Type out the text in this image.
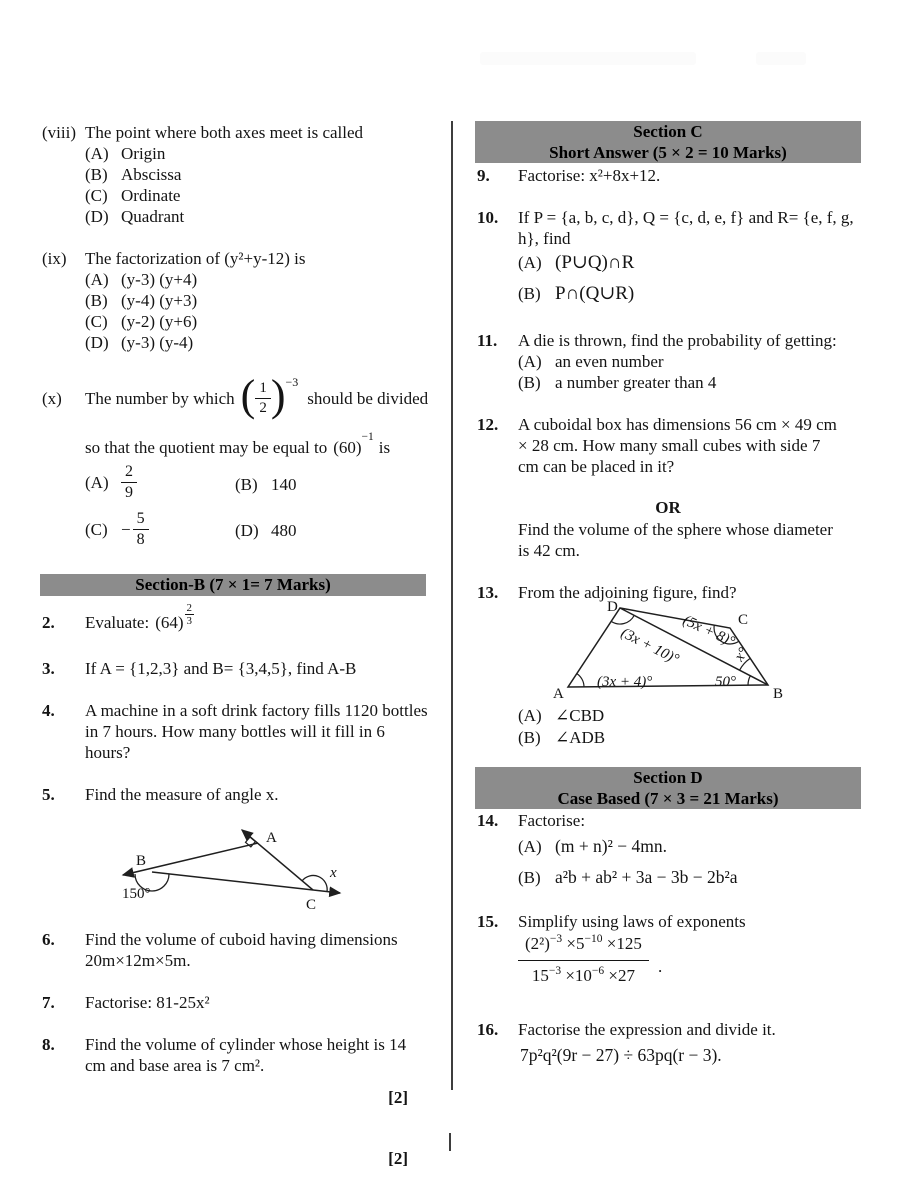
(viii) The point where both axes meet is called
(A) Origin
(B) Abscissa
(C) Ordinate
(D) Quadrant
(ix)	The factorization of (y²+y-12) is
(A) (y-3) (y+4)
(B) (y-4) (y+3)
(C) (y-2) (y+6)
(D) (y-3) (y-4)
(x)	The number by which ( $\frac{1}{2}$ ) −3
should be divided
so that the quotient may be equal to (60)
−1
is
$(A) \frac{2}{9}$	(B) 140
$(C) - \frac{5}{8}$	(D) 480
Section-B (7 × 1= 7 Marks)
2.	Evaluate: (64)
2
3
3.	If A = {1,2,3} and B= {3,4,5}, find A-B
4.	A machine in a soft drink factory fills 1120 bottles in 7 hours. How many bottles will it fill in 6 hours?
5.	Find the measure of angle x.
B
A
C
150°
x
6.	Find the volume of cuboid having dimensions 20m×12m×5m.
7.	Factorise: 81-25x²
8.	Find the volume of cylinder whose height is 14 cm and base area is 7 cm².
[2]
[2]
Section C
Short Answer (5 × 2 = 10 Marks)
9.	Factorise: x²+8x+12.
10.	If P = {a, b, c, d}, Q = {c, d, e, f} and R= {e, f, g, h}, find
(A) (P∪Q)∩R
(B) P∩(Q∪R)
11.	A die is thrown, find the probability of getting:
(A) an even number
(B) a number greater than 4
12.	A cuboidal box has dimensions 56 cm × 49 cm × 28 cm. How many small cubes with side 7 cm can be placed in it?
OR
Find the volume of the sphere whose diameter is 42 cm.
13.	From the adjoining figure, find?
A	B
C
D
(3x + 4)°	50°
(3x + 10)°
(5x + 8)°
x°
(A) ∠CBD
(B) ∠ADB
Section D
Case Based (7 × 3 = 21 Marks)
14.	Factorise:
(A) (m + n)² − 4mn.
(B) a²b + ab² + 3a − 3b − 2b²a
15.	Simplify using laws of exponents
$\frac{(2^2)^{-3} \times 5^{-10} \times 125}{15^{-3} \times 10^{-6} \times 27}$ .
16.	Factorise the expression and divide it.
7p²q²(9r − 27) ÷ 63pq(r − 3).
